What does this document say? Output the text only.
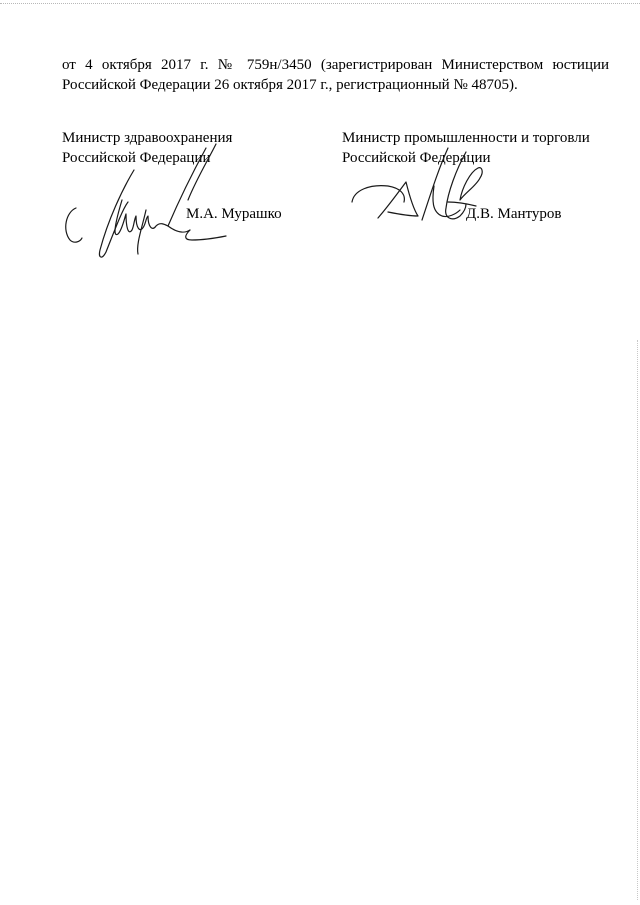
от 4 октября 2017 г. № 759н/3450 (зарегистрирован Министерством юстиции
Российской Федерации 26 октября 2017 г., регистрационный № 48705).
Министр здравоохранения
Российской Федерации
М.А. Мурашко
Министр промышленности и торговли
Российской Федерации
Д.В. Мантуров
